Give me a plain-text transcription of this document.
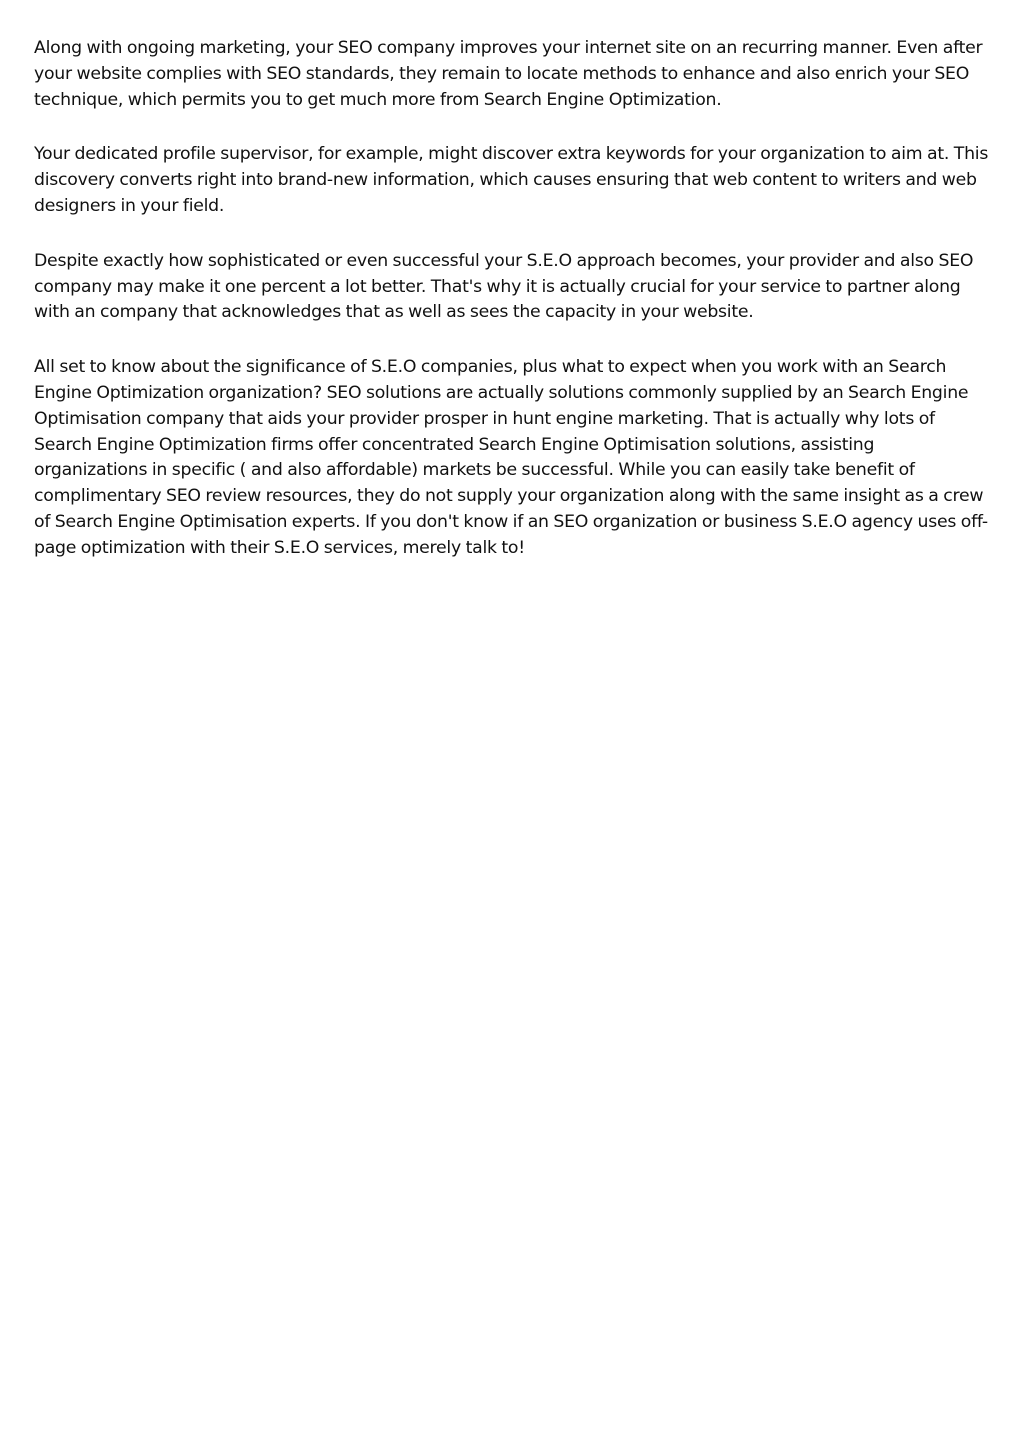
Along with ongoing marketing, your SEO company improves your internet site on an recurring manner. Even after your website complies with SEO standards, they remain to locate methods to enhance and also enrich your SEO technique, which permits you to get much more from Search Engine Optimization.

Your dedicated profile supervisor, for example, might discover extra keywords for your organization to aim at. This discovery converts right into brand-new information, which causes ensuring that web content to writers and web designers in your field.

Despite exactly how sophisticated or even successful your S.E.O approach becomes, your provider and also SEO company may make it one percent a lot better. That's why it is actually crucial for your service to partner along with an company that acknowledges that as well as sees the capacity in your website.

All set to know about the significance of S.E.O companies, plus what to expect when you work with an Search Engine Optimization organization? SEO solutions are actually solutions commonly supplied by an Search Engine Optimisation company that aids your provider prosper in hunt engine marketing. That is actually why lots of Search Engine Optimization firms offer concentrated Search Engine Optimisation solutions, assisting organizations in specific ( and also affordable) markets be successful. While you can easily take benefit of complimentary SEO review resources, they do not supply your organization along with the same insight as a crew of Search Engine Optimisation experts. If you don't know if an SEO organization or business S.E.O agency uses off-page optimization with their S.E.O services, merely talk to!
